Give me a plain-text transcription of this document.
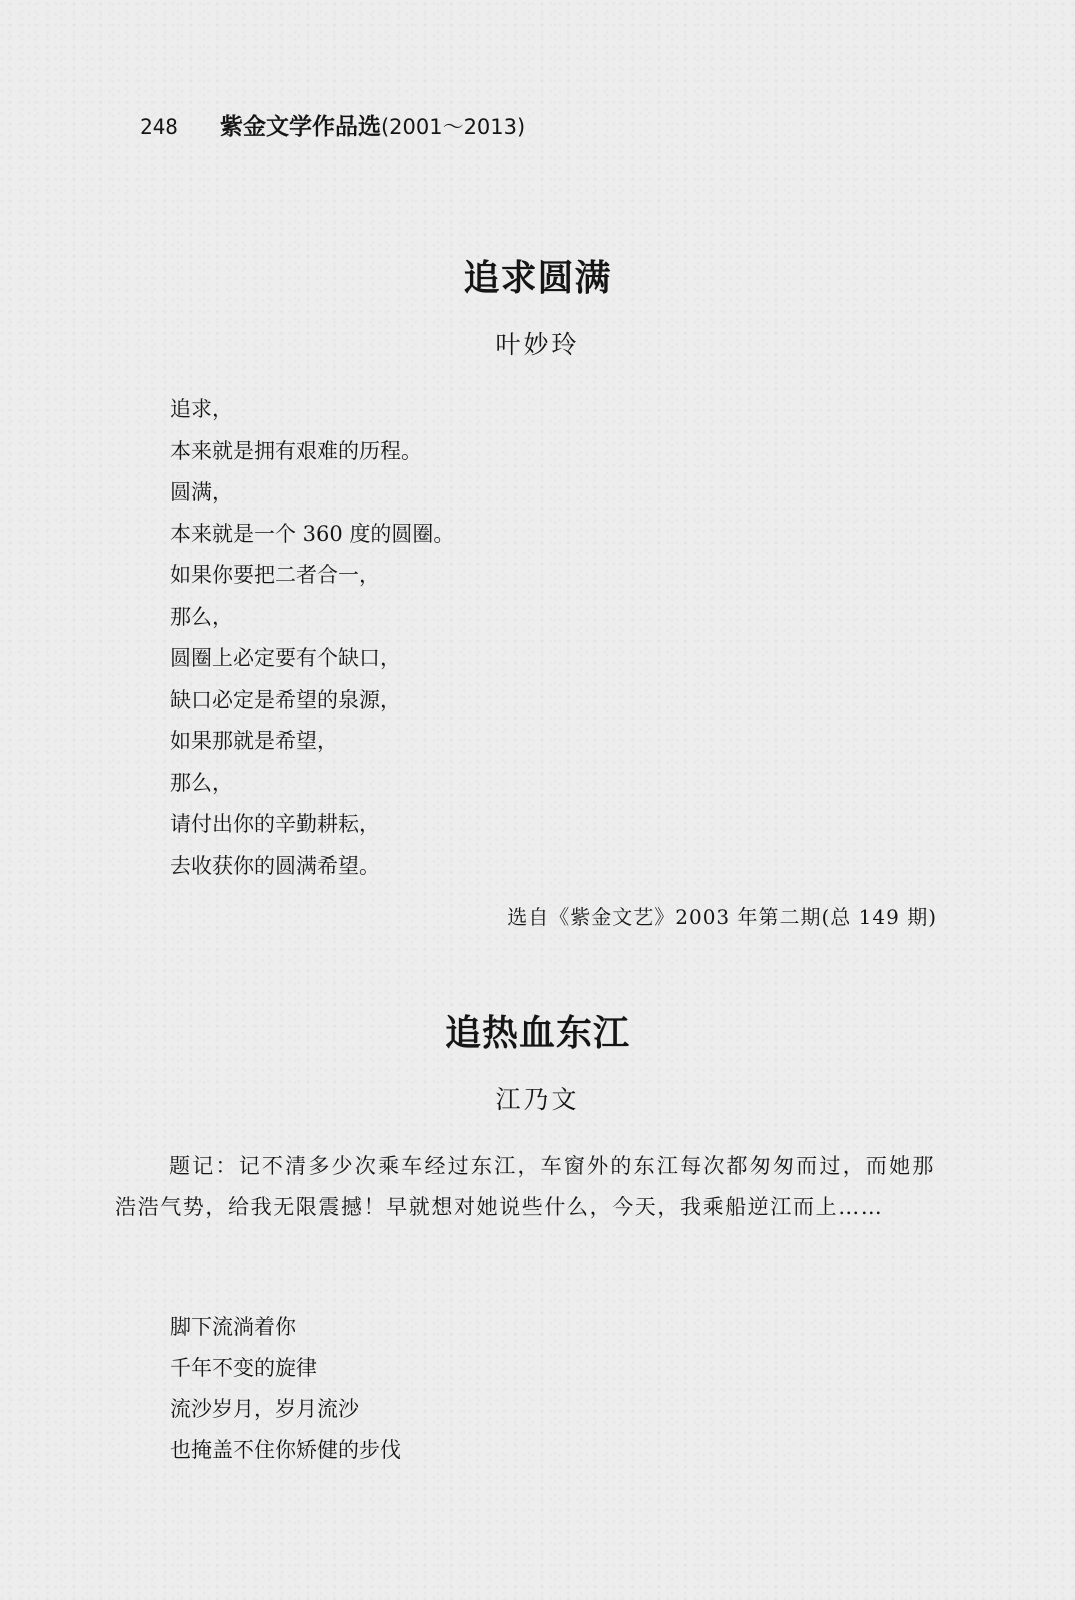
248 紫金文学作品选(2001～2013)
追求圆满
叶妙玲
追求，
本来就是拥有艰难的历程。
圆满，
本来就是一个 360 度的圆圈。
如果你要把二者合一，
那么，
圆圈上必定要有个缺口，
缺口必定是希望的泉源，
如果那就是希望，
那么，
请付出你的辛勤耕耘，
去收获你的圆满希望。
选自《紫金文艺》2003 年第二期(总 149 期)
追热血东江
江乃文

题记：记不清多少次乘车经过东江，车窗外的东江每次都匆匆而过，而她那浩浩气势，给我无限震撼！早就想对她说些什么，今天，我乘船逆江而上……

脚下流淌着你
千年不变的旋律
流沙岁月，岁月流沙
也掩盖不住你矫健的步伐
